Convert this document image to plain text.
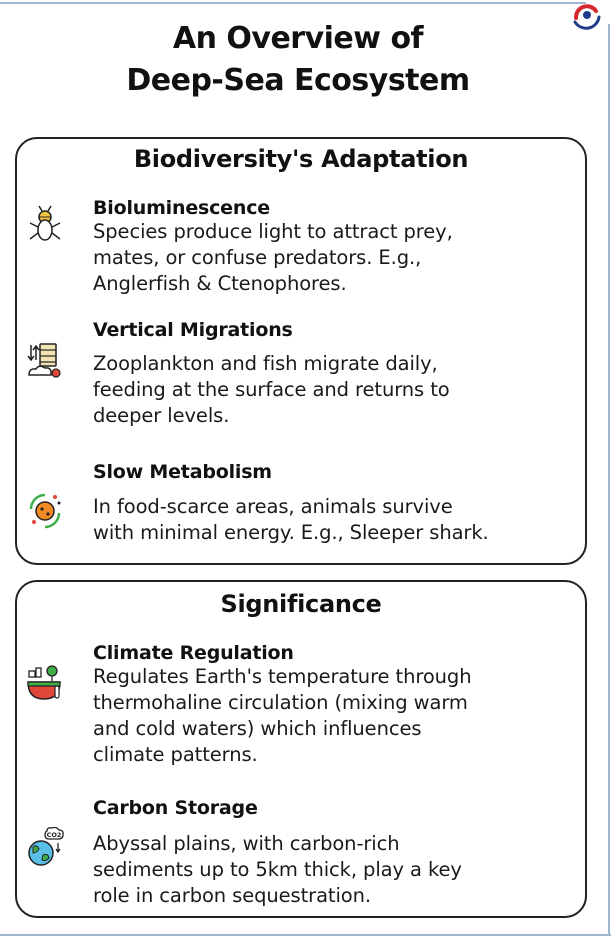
An Overview of
Deep-Sea Ecosystem
Biodiversity's Adaptation
Bioluminescence
Species produce light to attract prey,
mates, or confuse predators. E.g.,
Anglerfish & Ctenophores.
Vertical Migrations
Zooplankton and fish migrate daily,
feeding at the surface and returns to
deeper levels.
Slow Metabolism
In food-scarce areas, animals survive
with minimal energy. E.g., Sleeper shark.
Significance
Climate Regulation
Regulates Earth's temperature through
thermohaline circulation (mixing warm
and cold waters) which influences
climate patterns.
CO2
Carbon Storage
Abyssal plains, with carbon-rich
sediments up to 5km thick, play a key
role in carbon sequestration.
